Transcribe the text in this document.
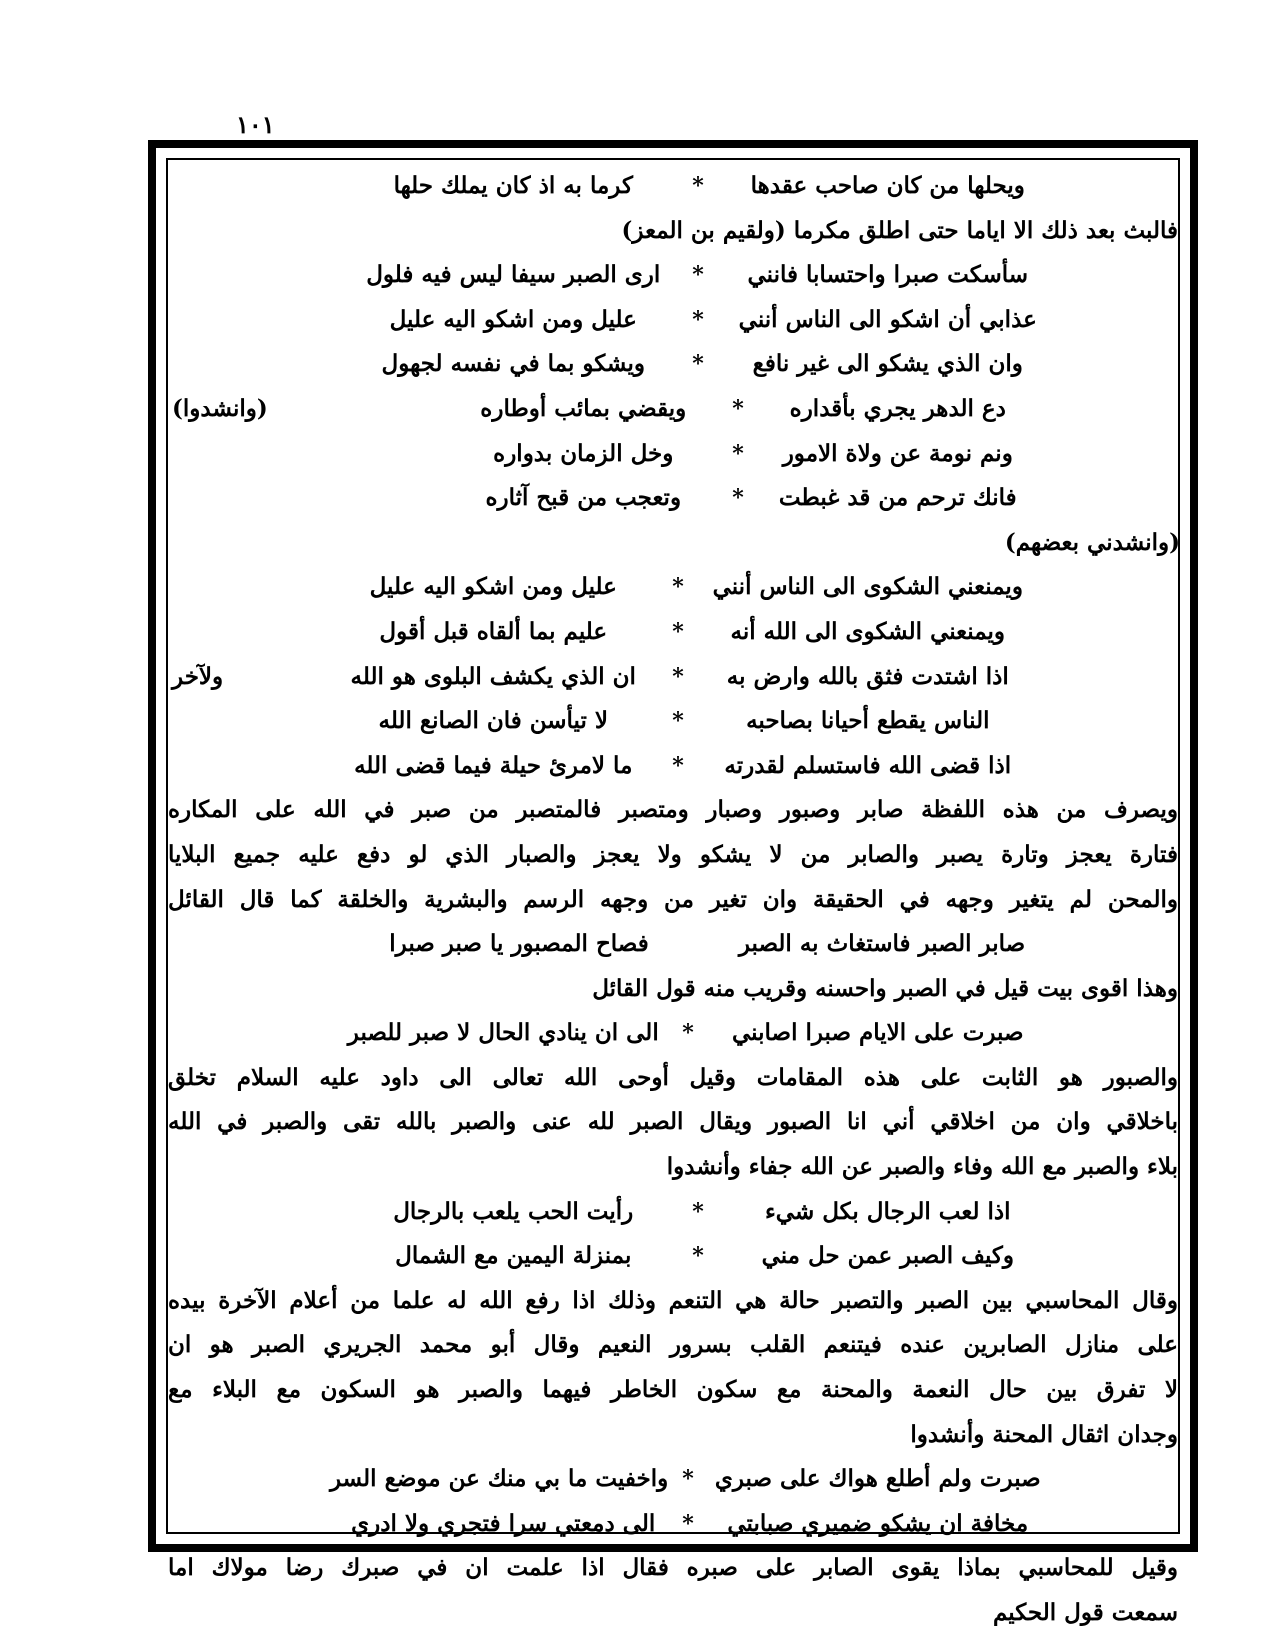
١٠١
ويحلها من كان صاحب عقدها
*
كرما به اذ كان يملك حلها
فالبث بعد ذلك الا اياما حتى اطلق مكرما (ولقيم بن المعز)
سأسكت صبرا واحتسابا فانني
*
ارى الصبر سيفا ليس فيه فلول
عذابي أن اشكو الى الناس أنني
*
عليل ومن اشكو اليه عليل
وان الذي يشكو الى غير نافع
*
ويشكو بما في نفسه لجهول
دع الدهر يجري بأقداره
*
ويقضي بمائب أوطاره
(وانشدوا)
ونم نومة عن ولاة الامور
*
وخل الزمان بدواره
فانك ترحم من قد غبطت
*
وتعجب من قبح آثاره
(وانشدني بعضهم)
ويمنعني الشكوى الى الناس أنني
*
عليل ومن اشكو اليه عليل
ويمنعني الشكوى الى الله أنه
*
عليم بما ألقاه قبل أقول
اذا اشتدت فثق بالله وارض به
*
ان الذي يكشف البلوى هو الله
ولآخر
الناس يقطع أحيانا بصاحبه
*
لا تيأسن فان الصانع الله
اذا قضى الله فاستسلم لقدرته
*
ما لامرئ حيلة فيما قضى الله
ويصرف من هذه اللفظة صابر وصبور وصبار ومتصبر فالمتصبر من صبر في الله على المكاره
فتارة يعجز وتارة يصبر والصابر من لا يشكو ولا يعجز والصبار الذي لو دفع عليه جميع البلايا
والمحن لم يتغير وجهه في الحقيقة وان تغير من وجهه الرسم والبشرية والخلقة كما قال القائل
صابر الصبر فاستغاث به الصبر
فصاح المصبور يا صبر صبرا
وهذا اقوى بيت قيل في الصبر واحسنه وقريب منه قول القائل
صبرت على الايام صبرا اصابني
*
الى ان ينادي الحال لا صبر للصبر
والصبور هو الثابت على هذه المقامات وقيل أوحى الله تعالى الى داود عليه السلام تخلق
باخلاقي وان من اخلاقي أني انا الصبور ويقال الصبر لله عنى والصبر بالله تقى والصبر في الله
بلاء والصبر مع الله وفاء والصبر عن الله جفاء وأنشدوا
اذا لعب الرجال بكل شيء
*
رأيت الحب يلعب بالرجال
وكيف الصبر عمن حل مني
*
بمنزلة اليمين مع الشمال
وقال المحاسبي بين الصبر والتصبر حالة هي التنعم وذلك اذا رفع الله له علما من أعلام الآخرة بيده
على منازل الصابرين عنده فيتنعم القلب بسرور النعيم وقال أبو محمد الجريري الصبر هو ان
لا تفرق بين حال النعمة والمحنة مع سكون الخاطر فيهما والصبر هو السكون مع البلاء مع
وجدان اثقال المحنة وأنشدوا
صبرت ولم أطلع هواك على صبري
*
واخفيت ما بي منك عن موضع السر
مخافة ان يشكو ضميري صبابتي
*
الى دمعتي سرا فتجري ولا ادري
وقيل للمحاسبي بماذا يقوى الصابر على صبره فقال اذا علمت ان في صبرك رضا مولاك اما
سمعت قول الحكيم
